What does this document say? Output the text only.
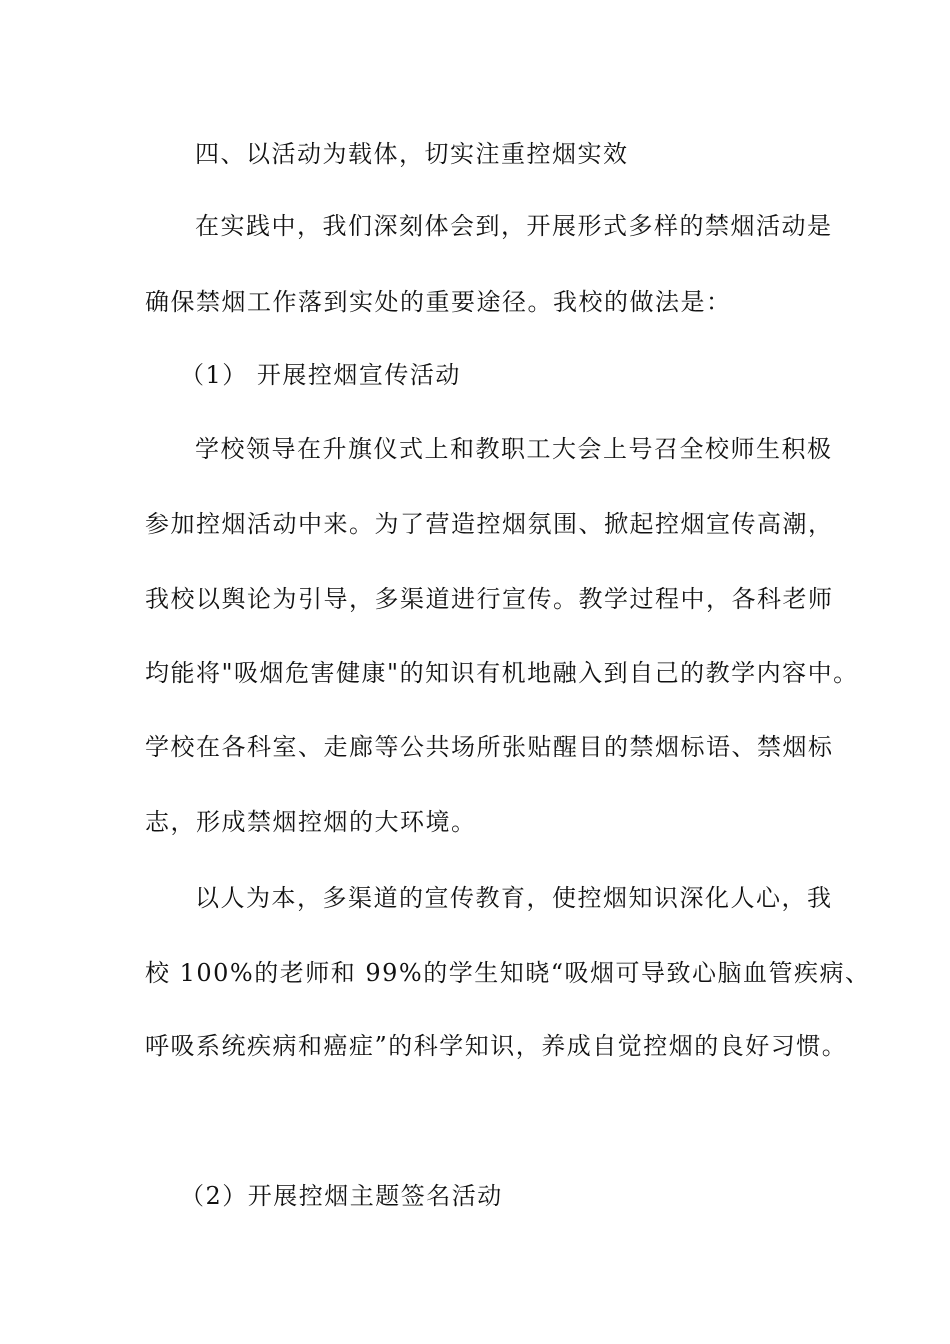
四、以活动为载体，切实注重控烟实效
在实践中，我们深刻体会到，开展形式多样的禁烟活动是
确保禁烟工作落到实处的重要途径。我校的做法是：
（1） 开展控烟宣传活动
学校领导在升旗仪式上和教职工大会上号召全校师生积极
参加控烟活动中来。为了营造控烟氛围、掀起控烟宣传高潮，
我校以舆论为引导，多渠道进行宣传。教学过程中，各科老师
均能将"吸烟危害健康"的知识有机地融入到自己的教学内容中。
学校在各科室、走廊等公共场所张贴醒目的禁烟标语、禁烟标
志，形成禁烟控烟的大环境。
以人为本，多渠道的宣传教育，使控烟知识深化人心，我
校 100%的老师和 99%的学生知晓“吸烟可导致心脑血管疾病、
呼吸系统疾病和癌症”的科学知识，养成自觉控烟的良好习惯。
（2）开展控烟主题签名活动
